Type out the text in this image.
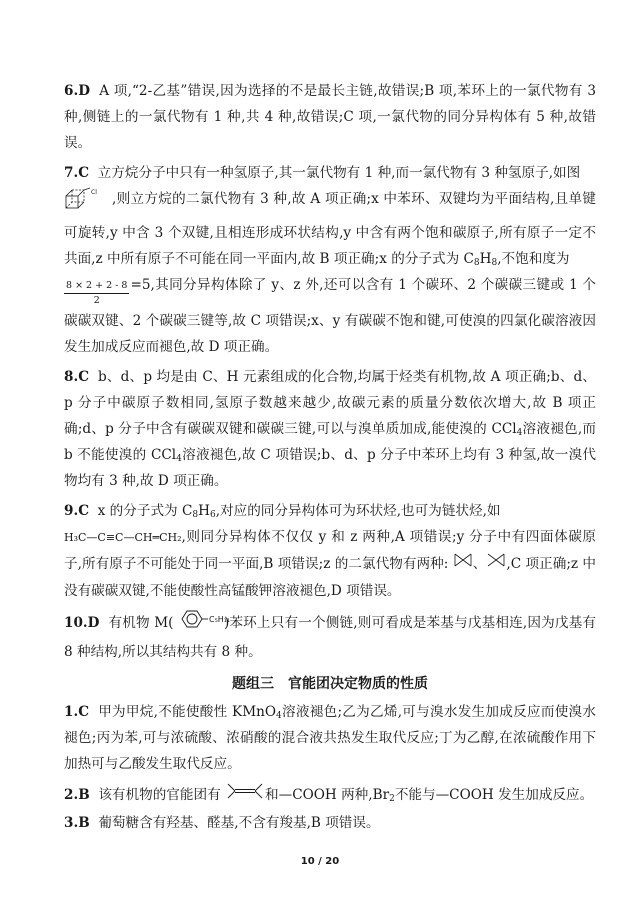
6.D A 项,“2-乙基”错误,因为选择的不是最长主链,故错误;B 项,苯环上的一氯代物有 3 种,侧链上的一氯代物有 1 种,共 4 种,故错误;C 项,一氯代物的同分异构体有 5 种,故错误。
7.C 立方烷分子中只有一种氢原子,其一氯代物有 1 种,而一氯代物有 3 种氢原子,如图

Cl ,则立方烷的二氯代物有 3 种,故 A 项正确;x 中苯环、双键均为平面结构,且单键可旋转,y 中含 3 个双键,且相连形成环状结构,y 中含有两个饱和碳原子,所有原子一定不共面,z 中所有原子不可能在同一平面内,故 B 项正确;x 的分子式为 $C_8H_8$,不饱和度为

$\frac{8 \times 2 + 2 - 8}{2} =5$,其同分异构体除了 y、z 外,还可以含有 1 个碳环、2 个碳碳三键或 1 个碳碳双键、2 个碳碳三键等,故 C 项错误;x、y 有碳碳不饱和键,可使溴的四氯化碳溶液因发生加成反应而褪色,故 D 项正确。
8.C b、d、p 均是由 C、H 元素组成的化合物,均属于烃类有机物,故 A 项正确;b、d、p 分子中碳原子数相同,氢原子数越来越少,故碳元素的质量分数依次增大,故 B 项正确;d、p 分子中含有碳碳双键和碳碳三键,可以与溴单质加成,能使溴的 CCl$_4$溶液褪色,而 b 不能使溴的 CCl$_4$溶液褪色,故 C 项错误;b、d、p 分子中苯环上均有 3 种氢,故一溴代物均有 3 种,故 D 项正确。
9.C x 的分子式为 $C_8H_6$,对应的同分异构体可为环状烃,也可为链状烃,如
H₃C—C≡C—CH═CH₂,则同分异构体不仅仅 y 和 z 两种,A 项错误;y 分子中有四面体碳原子,所有原子不可能处于同一平面,B 项错误;z 的二氯代物有两种: 、 ,C 项正确;z 中没有碳碳双键,不能使酸性高锰酸钾溶液褪色,D 项错误。
10.D 有机物 M(	C₅H₁₁
)苯环上只有一个侧链,则可看成是苯基与戊基相连,因为戊基有 8 种结构,所以其结构共有 8 种。
题组三　官能团决定物质的性质
1.C 甲为甲烷,不能使酸性 KMnO$_4$溶液褪色;乙为乙烯,可与溴水发生加成反应而使溴水褪色;丙为苯,可与浓硫酸、浓硝酸的混合液共热发生取代反应;丁为乙醇,在浓硫酸作用下加热可与乙酸发生取代反应。
2.B 该有机物的官能团有	和—COOH 两种$,Br_2$不能与—COOH 发生加成反应。
3.B 葡萄糖含有羟基、醛基,不含有羧基,B 项错误。
10 / 20
